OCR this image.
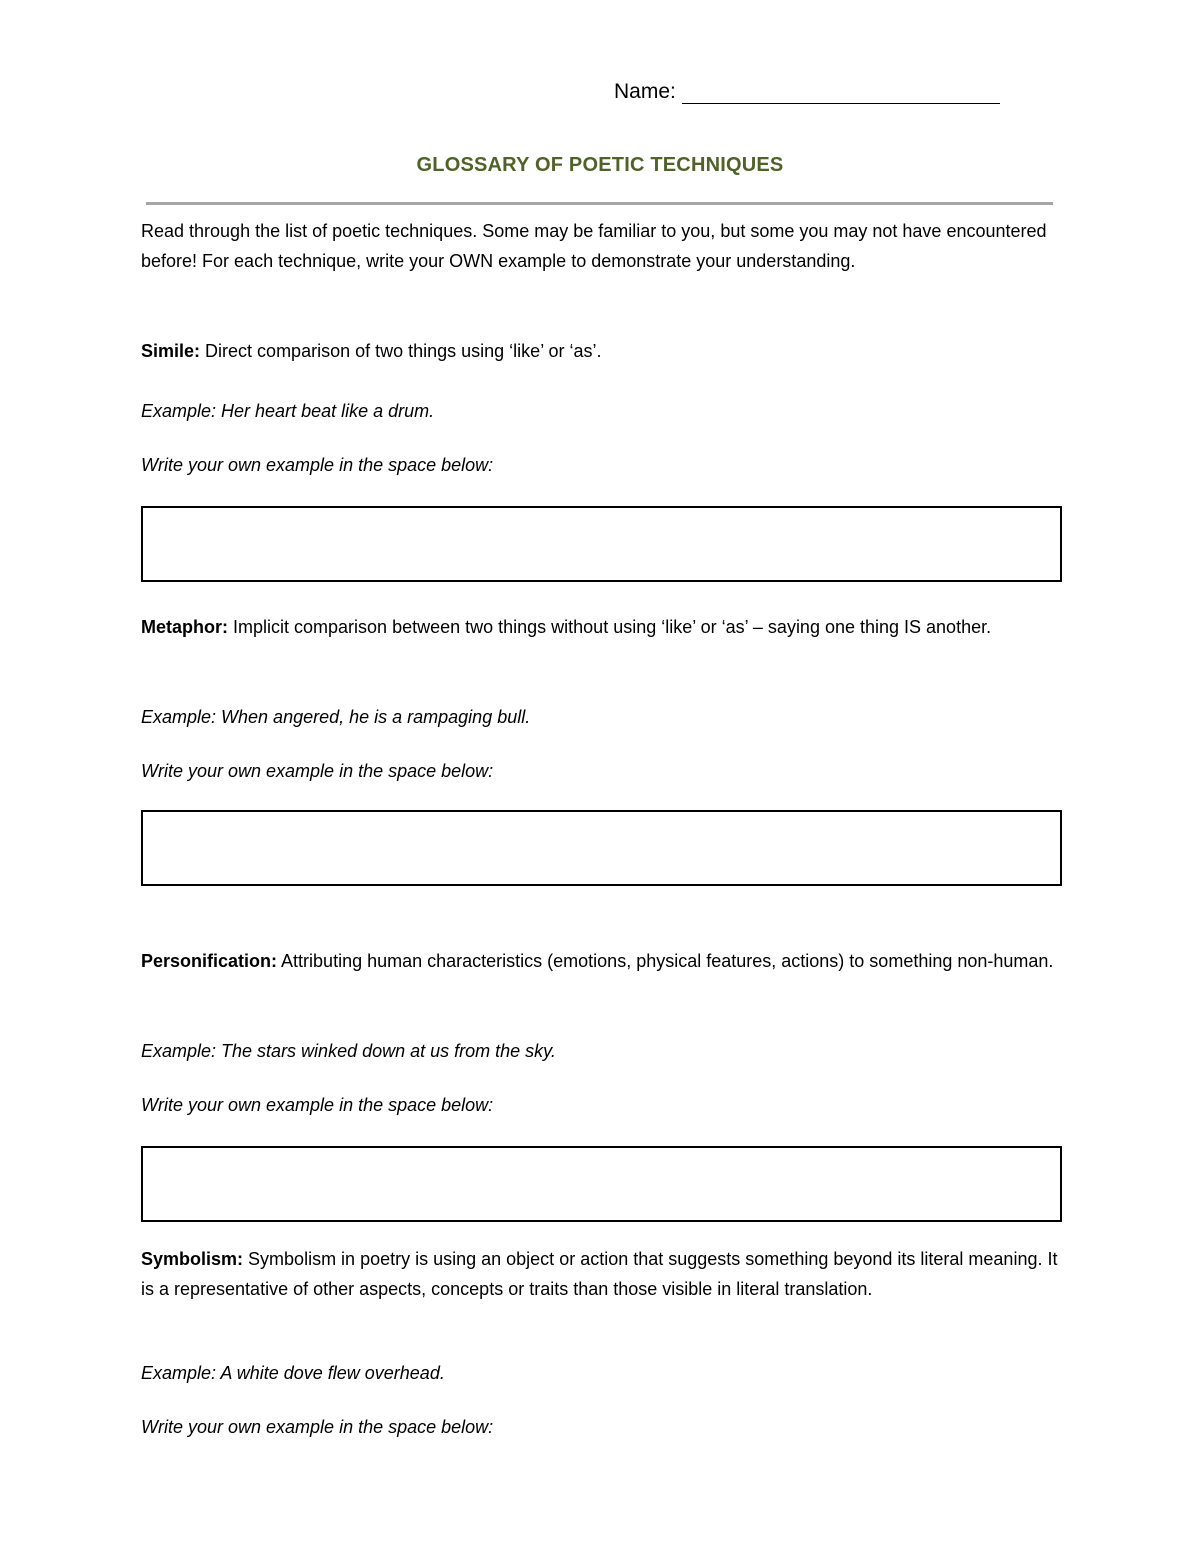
Name:
GLOSSARY OF POETIC TECHNIQUES
Read through the list of poetic techniques. Some may be familiar to you, but some you may not have encountered before! For each technique, write your OWN example to demonstrate your understanding.
Simile: Direct comparison of two things using ‘like’ or ‘as’.
Example: Her heart beat like a drum.
Write your own example in the space below:
Metaphor: Implicit comparison between two things without using ‘like’ or ‘as’ – saying one thing IS another.
Example: When angered, he is a rampaging bull.
Write your own example in the space below:
Personification: Attributing human characteristics (emotions, physical features, actions) to something non-human.
Example: The stars winked down at us from the sky.
Write your own example in the space below:
Symbolism: Symbolism in poetry is using an object or action that suggests something beyond its literal meaning. It is a representative of other aspects, concepts or traits than those visible in literal translation.
Example: A white dove flew overhead.
Write your own example in the space below:
